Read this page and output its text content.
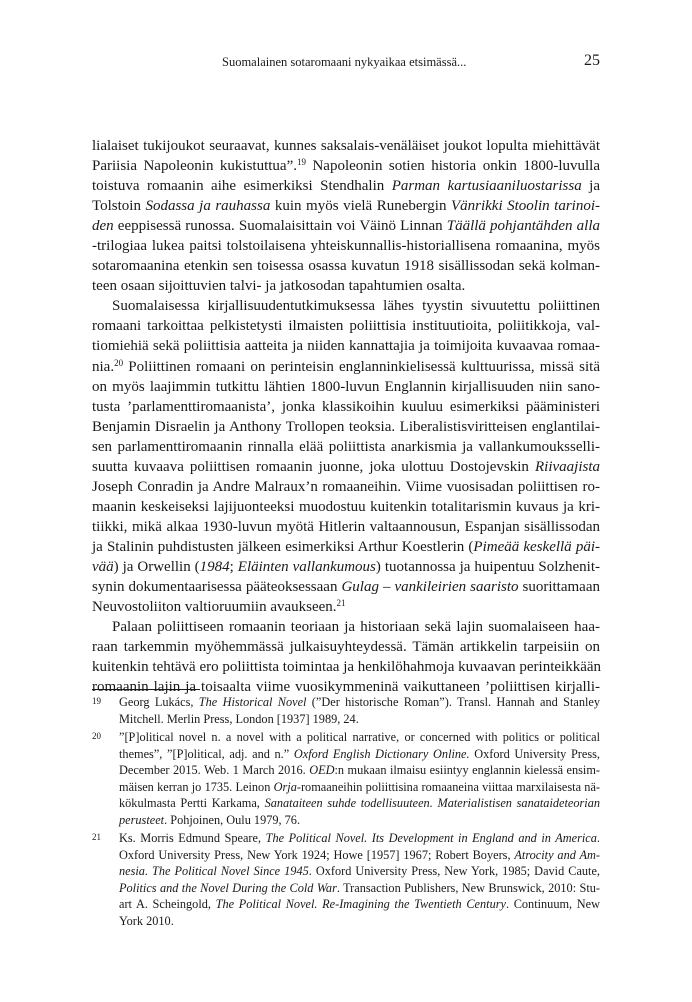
Suomalainen sotaromaani nykyaikaa etsimässä...	25
lialaiset tukijoukot seuraavat, kunnes saksalais-venäläiset joukot lopulta miehittävät
Pariisia Napoleonin kukistuttua”.$^{19}$ Napoleonin sotien historia onkin 1800-luvulla
toistuva romaanin aihe esimerkiksi Stendhalin Parman kartusiaaniluostarissa ja
Tolstoin Sodassa ja rauhassa kuin myös vielä Runebergin Vänrikki Stoolin tarinoi-
den eeppisessä runossa. Suomalaisittain voi Väinö Linnan Täällä pohjantähden alla
-trilogiaa lukea paitsi tolstoilaisena yhteiskunnallis-historiallisena romaanina, myös
sotaromaanina etenkin sen toisessa osassa kuvatun 1918 sisällissodan sekä kolman-
teen osaan sijoittuvien talvi- ja jatkosodan tapahtumien osalta.
Suomalaisessa kirjallisuudentutkimuksessa lähes tyystin sivuutettu poliittinen
romaani tarkoittaa pelkistetysti ilmaisten poliittisia instituutioita, poliitikkoja, val-
tiomiehiä sekä poliittisia aatteita ja niiden kannattajia ja toimijoita kuvaavaa romaa-
nia.$^{20}$ Poliittinen romaani on perinteisin englanninkielisessä kulttuurissa, missä sitä
on myös laajimmin tutkittu lähtien 1800-luvun Englannin kirjallisuuden niin sano-
tusta ’parlamenttiromaanista’, jonka klassikoihin kuuluu esimerkiksi pääministeri
Benjamin Disraelin ja Anthony Trollopen teoksia. Liberalistisviritteisen englantilai-
sen parlamenttiromaanin rinnalla elää poliittista anarkismia ja vallankumouksselli-
suutta kuvaava poliittisen romaanin juonne, joka ulottuu Dostojevskin Riivaajista
Joseph Conradin ja Andre Malraux’n romaaneihin. Viime vuosisadan poliittisen ro-
maanin keskeiseksi lajijuonteeksi muodostuu kuitenkin totalitarismin kuvaus ja kri-
tiikki, mikä alkaa 1930-luvun myötä Hitlerin valtaannousun, Espanjan sisällissodan
ja Stalinin puhdistusten jälkeen esimerkiksi Arthur Koestlerin (Pimeää keskellä päi-
vää) ja Orwellin (1984; Eläinten vallankumous) tuotannossa ja huipentuu Solzhenit-
synin dokumentaarisessa pääteoksessaan Gulag – vankileirien saaristo suorittamaan
Neuvostoliiton valtioruumiin avaukseen.$^{21}$
Palaan poliittiseen romaanin teoriaan ja historiaan sekä lajin suomalaiseen haa-
raan tarkemmin myöhemmässä julkaisuyhteydessä. Tämän artikkelin tarpeisiin on
kuitenkin tehtävä ero poliittista toimintaa ja henkilöhahmoja kuvaavan perinteikkään
romaanin lajin ja toisaalta viime vuosikymmeninä vaikuttaneen ’poliittisen kirjalli-
19 Georg Lukács, The Historical Novel (”Der historische Roman”). Transl. Hannah and Stanley
Mitchell. Merlin Press, London [1937] 1989, 24.
20 ”[P]olitical novel n. a novel with a political narrative, or concerned with politics or political
themes”, ”[P]olitical, adj. and n.” Oxford English Dictionary Online. Oxford University Press,
December 2015. Web. 1 March 2016. OED:n mukaan ilmaisu esiintyy englannin kielessä ensim-
mäisen kerran jo 1735. Leinon Orja-romaaneihin poliittisina romaaneina viittaa marxilaisesta nä-
kökulmasta Pertti Karkama, Sanataiteen suhde todellisuuteen. Materialistisen sanataideteorian
perusteet. Pohjoinen, Oulu 1979, 76.
21 Ks. Morris Edmund Speare, The Political Novel. Its Development in England and in America.
Oxford University Press, New York 1924; Howe [1957] 1967; Robert Boyers, Atrocity and Am-
nesia. The Political Novel Since 1945. Oxford University Press, New York, 1985; David Caute,
Politics and the Novel During the Cold War. Transaction Publishers, New Brunswick, 2010: Stu-
art A. Scheingold, The Political Novel. Re-Imagining the Twentieth Century. Continuum, New
York 2010.
